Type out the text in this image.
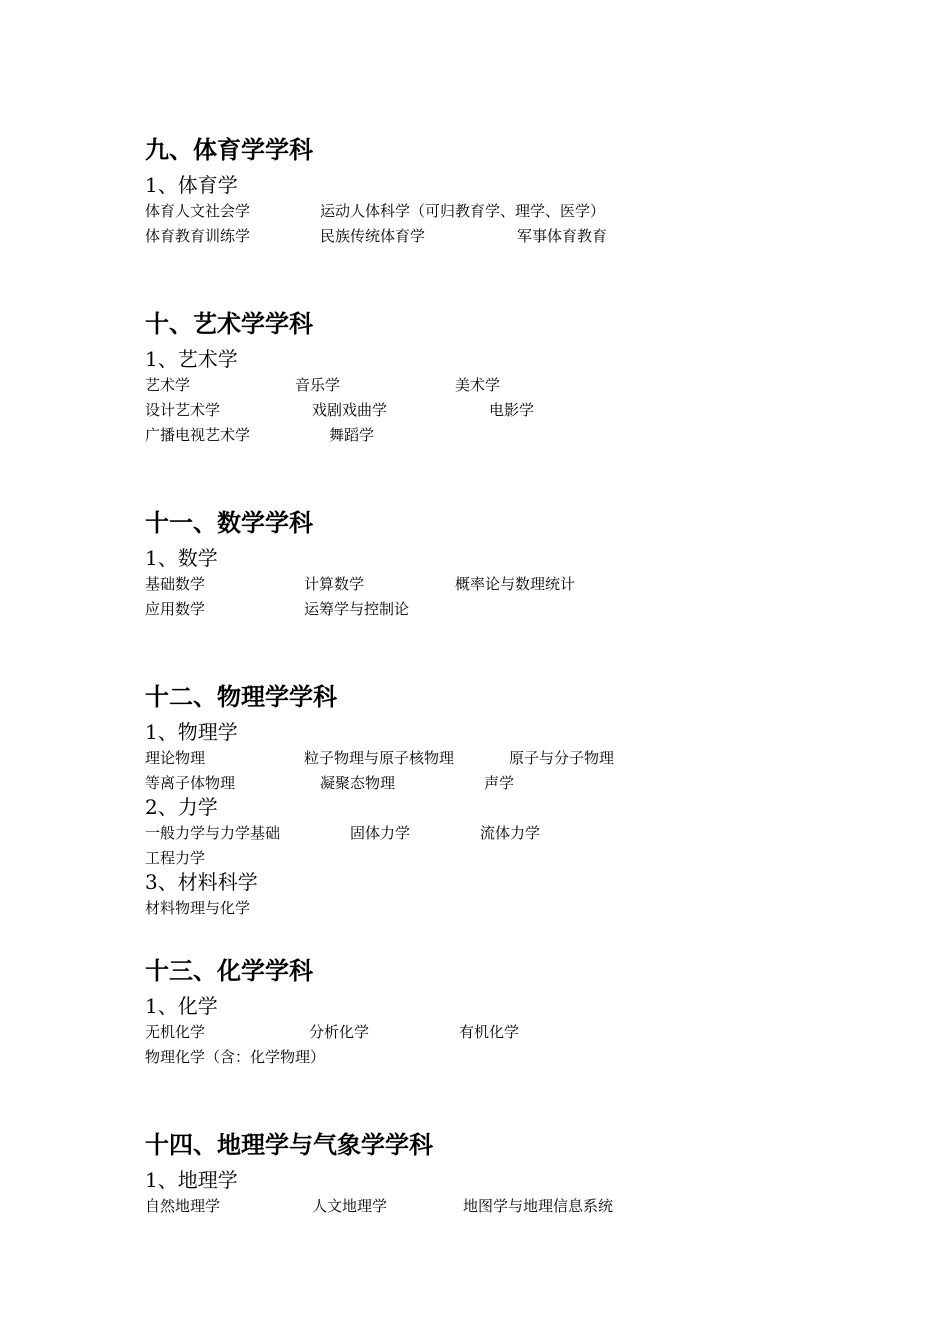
九、体育学学科
1、体育学
体育人文社会学	运动人体科学（可归教育学、理学、医学）
体育教育训练学	民族传统体育学	军事体育教育
十、艺术学学科
1、艺术学
艺术学	音乐学	美术学
设计艺术学	戏剧戏曲学	电影学
广播电视艺术学	舞蹈学
十一、数学学科
1、数学
基础数学	计算数学	概率论与数理统计
应用数学	运筹学与控制论
十二、物理学学科
1、物理学
理论物理	粒子物理与原子核物理	原子与分子物理
等离子体物理	凝聚态物理	声学
2、力学
一般力学与力学基础	固体力学	流体力学
工程力学
3、材料科学
材料物理与化学
十三、化学学科
1、化学
无机化学	分析化学	有机化学
物理化学（含：化学物理）
十四、地理学与气象学学科
1、地理学
自然地理学	人文地理学	地图学与地理信息系统
